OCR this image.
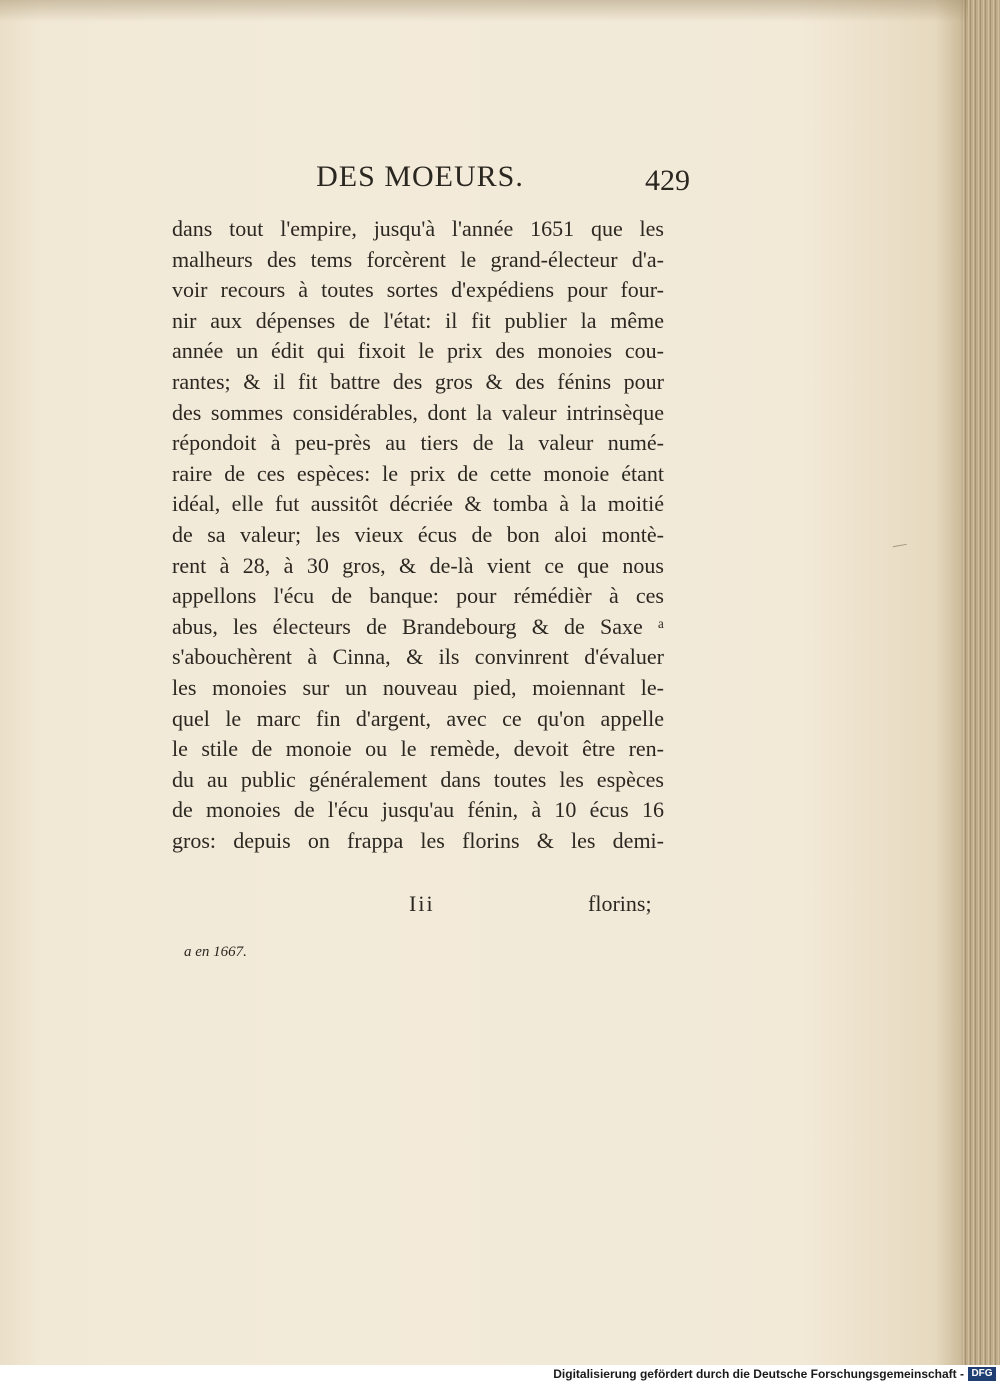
DES MOEURS.	429
dans tout l'empire, jusqu'à l'année 1651 que les
malheurs des tems forcèrent le grand-électeur d'a-
voir recours à toutes sortes d'expédiens pour four-
nir aux dépenses de l'état: il fit publier la même
année un édit qui fixoit le prix des monoies cou-
rantes; & il fit battre des gros & des fénins pour
des sommes considérables, dont la valeur intrinsèque
répondoit à peu-près au tiers de la valeur numé-
raire de ces espèces: le prix de cette monoie étant
idéal, elle fut aussitôt décriée & tomba à la moitié
de sa valeur; les vieux écus de bon aloi montè-
rent à 28, à 30 gros, & de-là vient ce que nous
appellons l'écu de banque: pour rémédièr à ces
abus, les électeurs de Brandebourg & de Saxe ᵃ
s'abouchèrent à Cinna, & ils convinrent d'évaluer
les monoies sur un nouveau pied, moiennant le-
quel le marc fin d'argent, avec ce qu'on appelle
le stile de monoie ou le remède, devoit être ren-
du au public généralement dans toutes les espèces
de monoies de l'écu jusqu'au fénin, à 10 écus 16
gros: depuis on frappa les florins & les demi-
Iii	florins;
a en 1667.
Digitalisierung gefördert durch die Deutsche Forschungsgemeinschaft - DFG
